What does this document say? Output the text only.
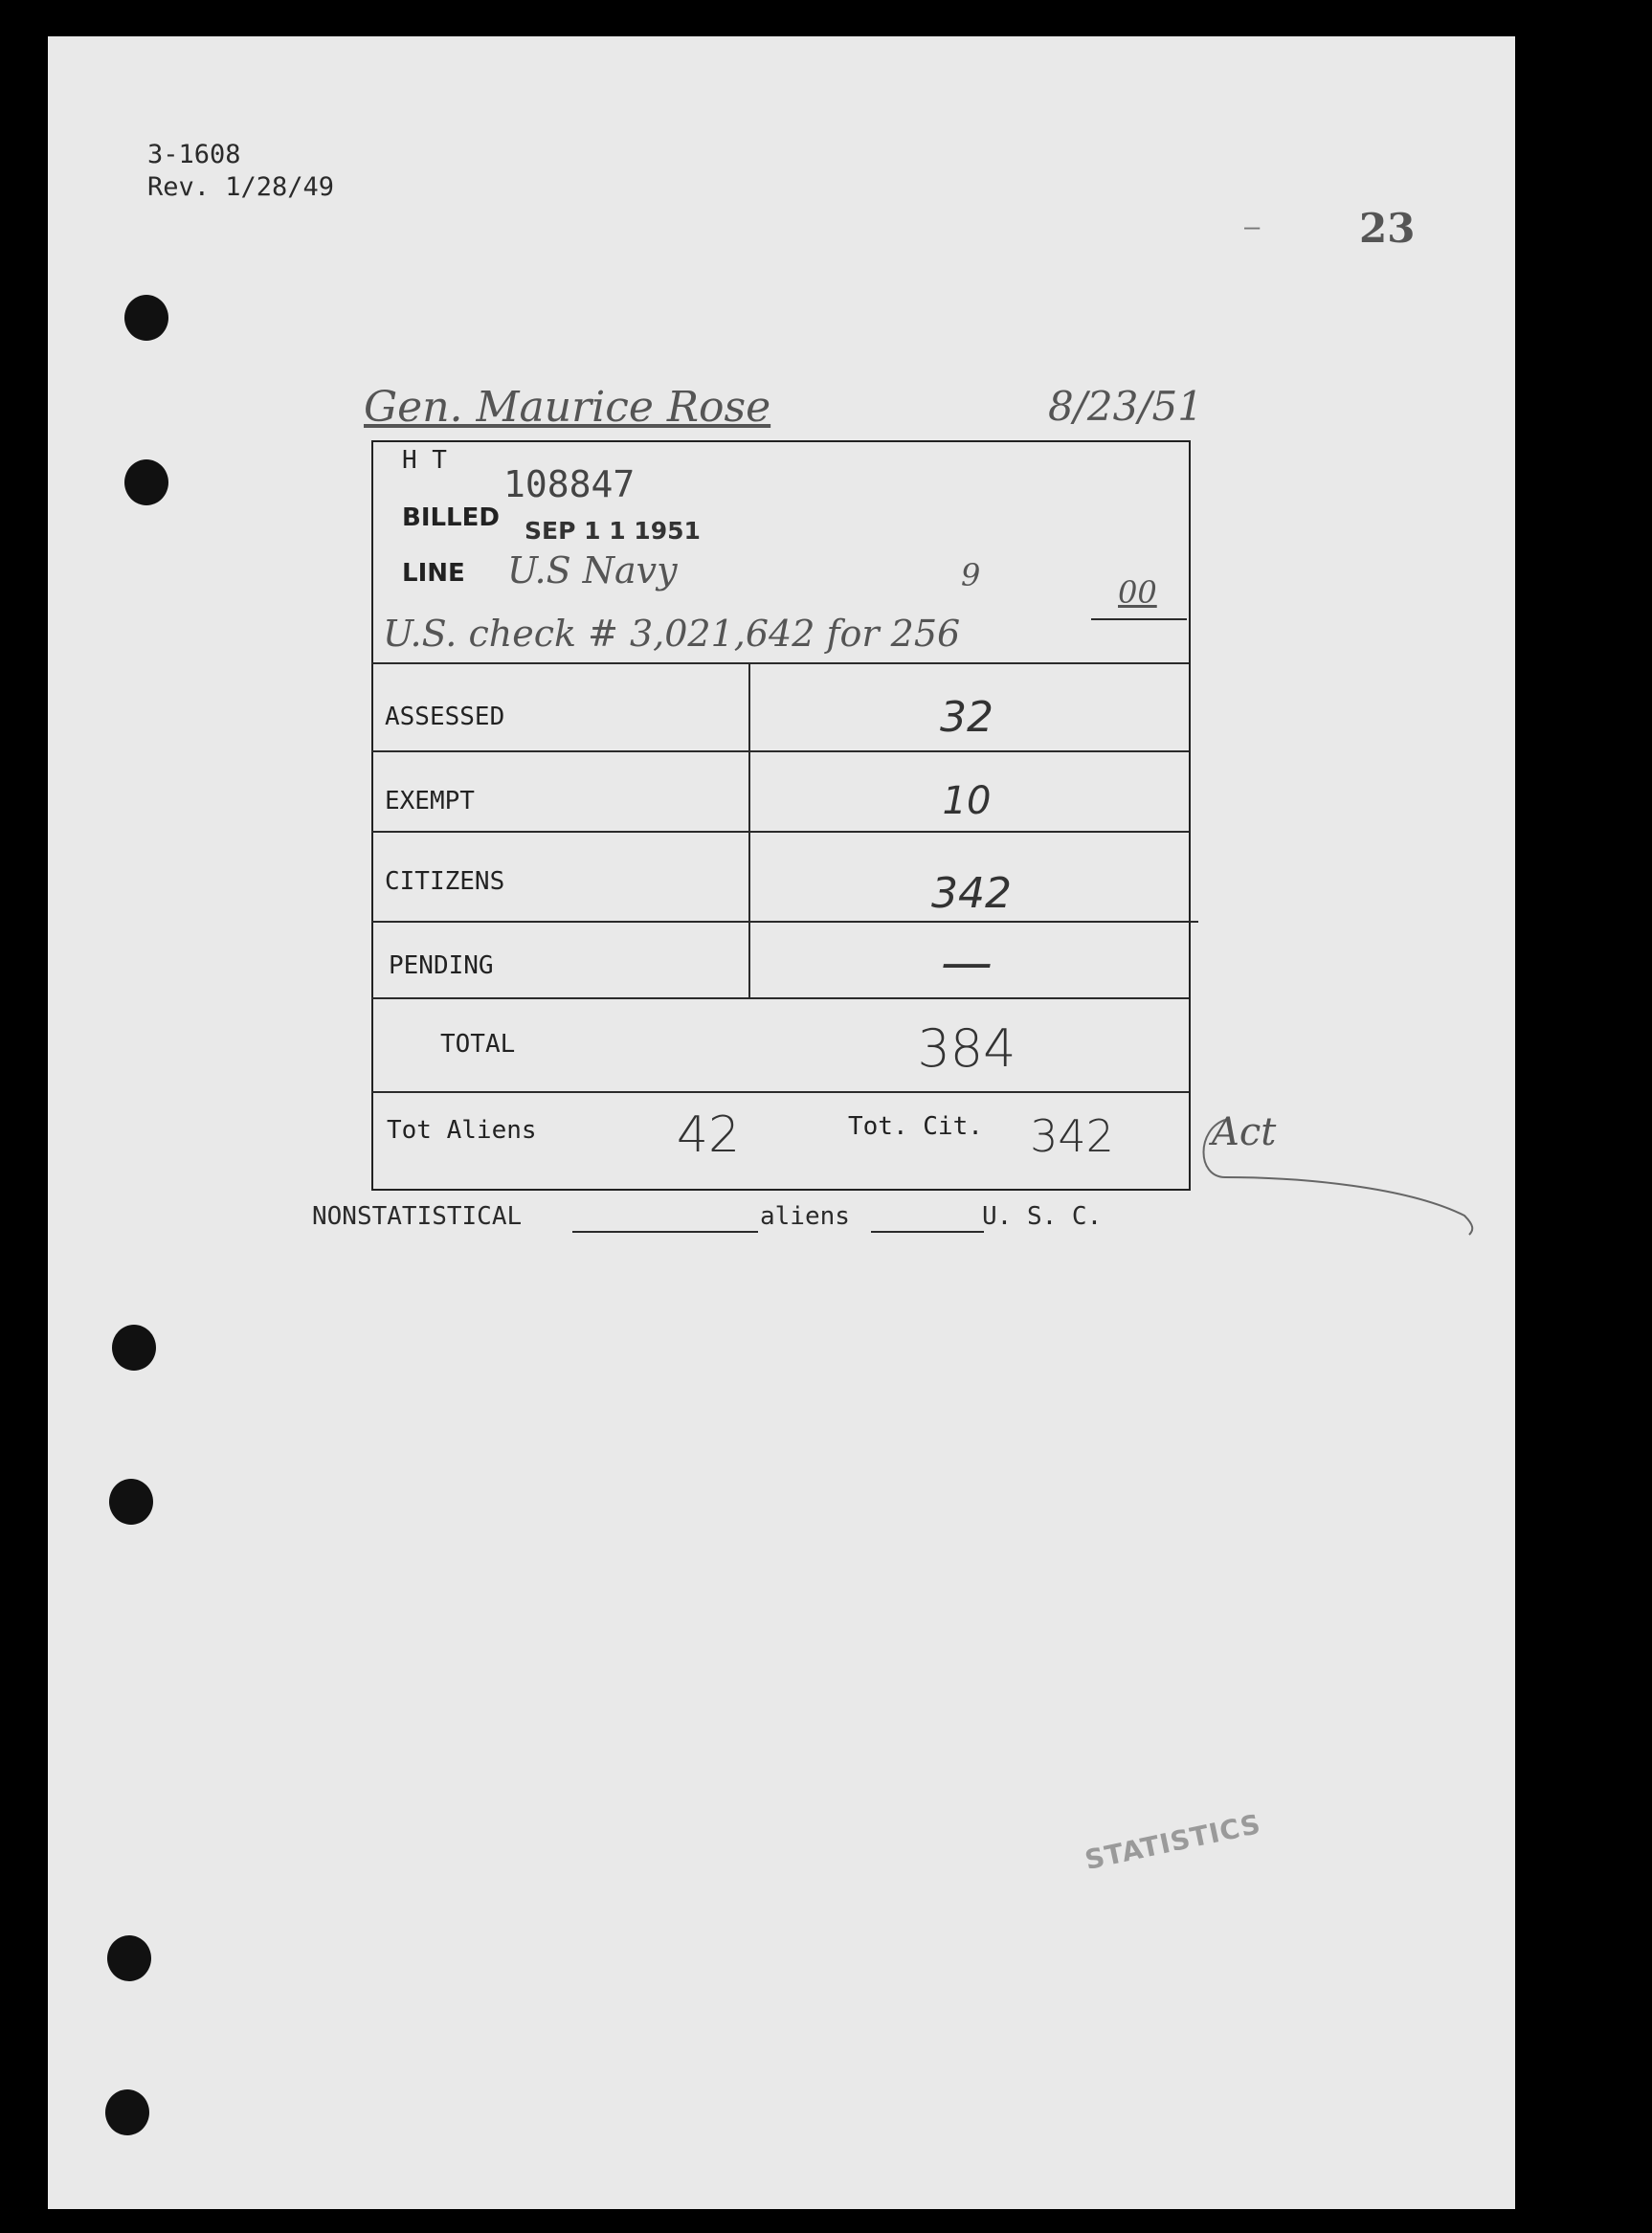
3-1608
Rev. 1/28/49
– 23
Gen. Maurice Rose	8/23/51
H T
108847
BILLED SEP 1 1 1951
LINE U.S Navy
U.S. check # 3,021,642 for 256
9	00
ASSESSED	32
EXEMPT	10
CITIZENS	342
PENDING	—
TOTAL	384
Tot Aliens	42	Tot. Cit.	342	Act
NONSTATISTICAL	aliens	U. S. C.
STATISTICS
